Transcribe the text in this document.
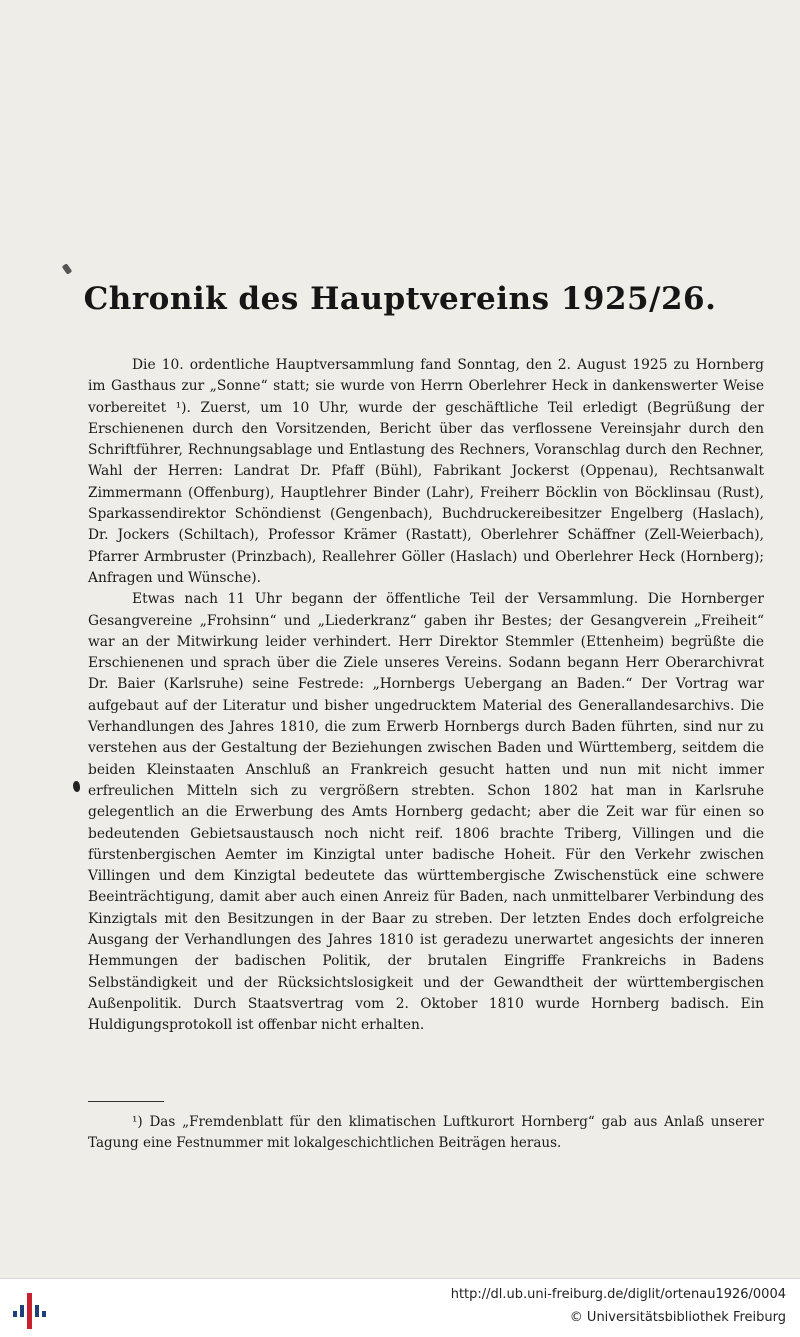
Chronik des Hauptvereins 1925/26.

Die 10. ordentliche Hauptversammlung fand Sonntag, den 2. August 1925 zu Hornberg im Gasthaus zur „Sonne“ statt; sie wurde von Herrn Oberlehrer Heck in dankenswerter Weise vorbereitet ¹). Zuerst, um 10 Uhr, wurde der geschäftliche Teil erledigt (Begrüßung der Erschienenen durch den Vorsitzenden, Bericht über das verflossene Vereinsjahr durch den Schriftführer, Rechnungsablage und Entlastung des Rechners, Voranschlag durch den Rechner, Wahl der Herren: Landrat Dr. Pfaff (Bühl), Fabrikant Jockerst (Oppenau), Rechtsanwalt Zimmermann (Offenburg), Hauptlehrer Binder (Lahr), Freiherr Böcklin von Böcklinsau (Rust), Sparkassendirektor Schöndienst (Gengenbach), Buchdruckereibesitzer Engelberg (Haslach), Dr. Jockers (Schiltach), Professor Krämer (Rastatt), Oberlehrer Schäffner (Zell-Weierbach), Pfarrer Armbruster (Prinzbach), Reallehrer Göller (Haslach) und Oberlehrer Heck (Hornberg); Anfragen und Wünsche).

Etwas nach 11 Uhr begann der öffentliche Teil der Versammlung. Die Hornberger Gesangvereine „Frohsinn“ und „Liederkranz“ gaben ihr Bestes; der Gesangverein „Freiheit“ war an der Mitwirkung leider verhindert. Herr Direktor Stemmler (Ettenheim) begrüßte die Erschienenen und sprach über die Ziele unseres Vereins. Sodann begann Herr Oberarchivrat Dr. Baier (Karlsruhe) seine Festrede: „Hornbergs Uebergang an Baden.“ Der Vortrag war aufgebaut auf der Literatur und bisher ungedrucktem Material des Generallandesarchivs. Die Verhandlungen des Jahres 1810, die zum Erwerb Hornbergs durch Baden führten, sind nur zu verstehen aus der Gestaltung der Beziehungen zwischen Baden und Württemberg, seitdem die beiden Kleinstaaten Anschluß an Frankreich gesucht hatten und nun mit nicht immer erfreulichen Mitteln sich zu vergrößern strebten. Schon 1802 hat man in Karlsruhe gelegentlich an die Erwerbung des Amts Hornberg gedacht; aber die Zeit war für einen so bedeutenden Gebietsaustausch noch nicht reif. 1806 brachte Triberg, Villingen und die fürstenbergischen Aemter im Kinzigtal unter badische Hoheit. Für den Verkehr zwischen Villingen und dem Kinzigtal bedeutete das württembergische Zwischenstück eine schwere Beeinträchtigung, damit aber auch einen Anreiz für Baden, nach unmittelbarer Verbindung des Kinzigtals mit den Besitzungen in der Baar zu streben. Der letzten Endes doch erfolgreiche Ausgang der Verhandlungen des Jahres 1810 ist geradezu unerwartet angesichts der inneren Hemmungen der badischen Politik, der brutalen Eingriffe Frankreichs in Badens Selbständigkeit und der Rücksichtslosigkeit und der Gewandtheit der württembergischen Außenpolitik. Durch Staatsvertrag vom 2. Oktober 1810 wurde Hornberg badisch. Ein Huldigungsprotokoll ist offenbar nicht erhalten.

¹) Das „Fremdenblatt für den klimatischen Luftkurort Hornberg“ gab aus Anlaß unserer Tagung eine Festnummer mit lokalgeschichtlichen Beiträgen heraus.

http://dl.ub.uni-freiburg.de/diglit/ortenau1926/0004
© Universitätsbibliothek Freiburg
